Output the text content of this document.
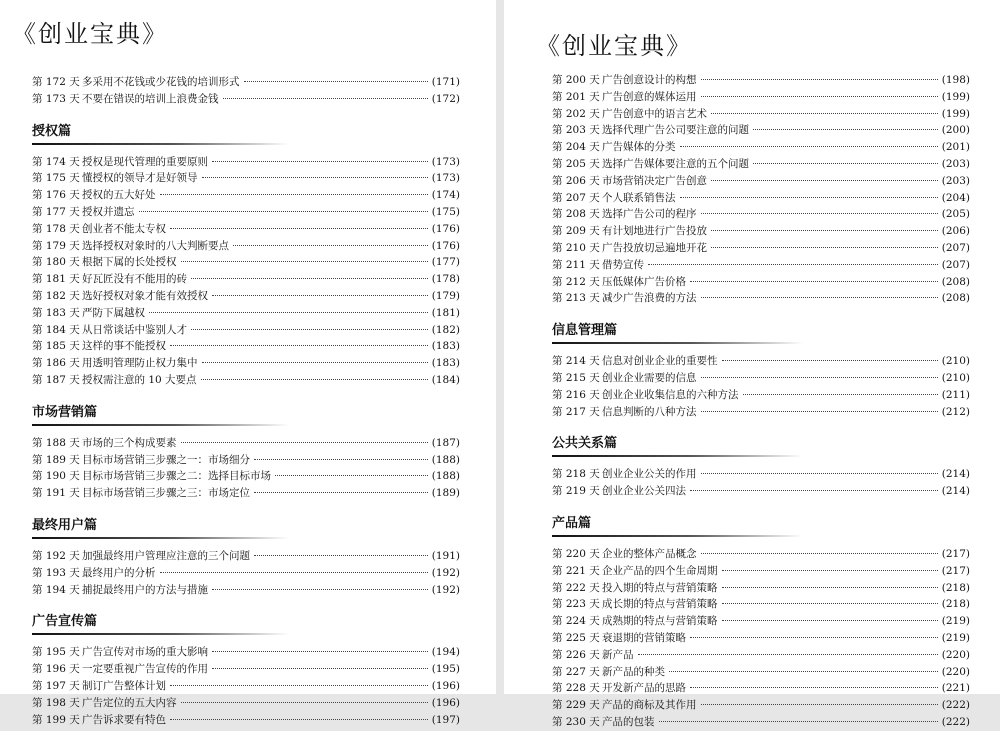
《创业宝典》
第 172 天 多采用不花钱或少花钱的培训形式	(171)
第 173 天 不要在错误的培训上浪费金钱	(172)
授权篇
第 174 天 授权是现代管理的重要原则	(173)
第 175 天 懂授权的领导才是好领导	(173)
第 176 天 授权的五大好处	(174)
第 177 天 授权并遗忘	(175)
第 178 天 创业者不能太专权	(176)
第 179 天 选择授权对象时的八大判断要点	(176)
第 180 天 根据下属的长处授权	(177)
第 181 天 好瓦匠没有不能用的砖	(178)
第 182 天 选好授权对象才能有效授权	(179)
第 183 天 严防下属越权	(181)
第 184 天 从日常谈话中鉴别人才	(182)
第 185 天 这样的事不能授权	(183)
第 186 天 用透明管理防止权力集中	(183)
第 187 天 授权需注意的 10 大要点	(184)
市场营销篇
第 188 天 市场的三个构成要素	(187)
第 189 天 目标市场营销三步骤之一：市场细分	(188)
第 190 天 目标市场营销三步骤之二：选择目标市场	(188)
第 191 天 目标市场营销三步骤之三：市场定位	(189)
最终用户篇
第 192 天 加强最终用户管理应注意的三个问题	(191)
第 193 天 最终用户的分析	(192)
第 194 天 捕捉最终用户的方法与措施	(192)
广告宣传篇
第 195 天 广告宣传对市场的重大影响	(194)
第 196 天 一定要重视广告宣传的作用	(195)
第 197 天 制订广告整体计划	(196)
第 198 天 广告定位的五大内容	(196)
第 199 天 广告诉求要有特色	(197)
《创业宝典》
第 200 天 广告创意设计的构想	(198)
第 201 天 广告创意的媒体运用	(199)
第 202 天 广告创意中的语言艺术	(199)
第 203 天 选择代理广告公司要注意的问题	(200)
第 204 天 广告媒体的分类	(201)
第 205 天 选择广告媒体要注意的五个问题	(203)
第 206 天 市场营销决定广告创意	(203)
第 207 天 个人联系销售法	(204)
第 208 天 选择广告公司的程序	(205)
第 209 天 有计划地进行广告投放	(206)
第 210 天 广告投放切忌遍地开花	(207)
第 211 天 借势宣传	(207)
第 212 天 压低媒体广告价格	(208)
第 213 天 减少广告浪费的方法	(208)
信息管理篇
第 214 天 信息对创业企业的重要性	(210)
第 215 天 创业企业需要的信息	(210)
第 216 天 创业企业收集信息的六种方法	(211)
第 217 天 信息判断的八种方法	(212)
公共关系篇
第 218 天 创业企业公关的作用	(214)
第 219 天 创业企业公关四法	(214)
产品篇
第 220 天 企业的整体产品概念	(217)
第 221 天 企业产品的四个生命周期	(217)
第 222 天 投入期的特点与营销策略	(218)
第 223 天 成长期的特点与营销策略	(218)
第 224 天 成熟期的特点与营销策略	(219)
第 225 天 衰退期的营销策略	(219)
第 226 天 新产品	(220)
第 227 天 新产品的种类	(220)
第 228 天 开发新产品的思路	(221)
第 229 天 产品的商标及其作用	(222)
第 230 天 产品的包装	(222)
